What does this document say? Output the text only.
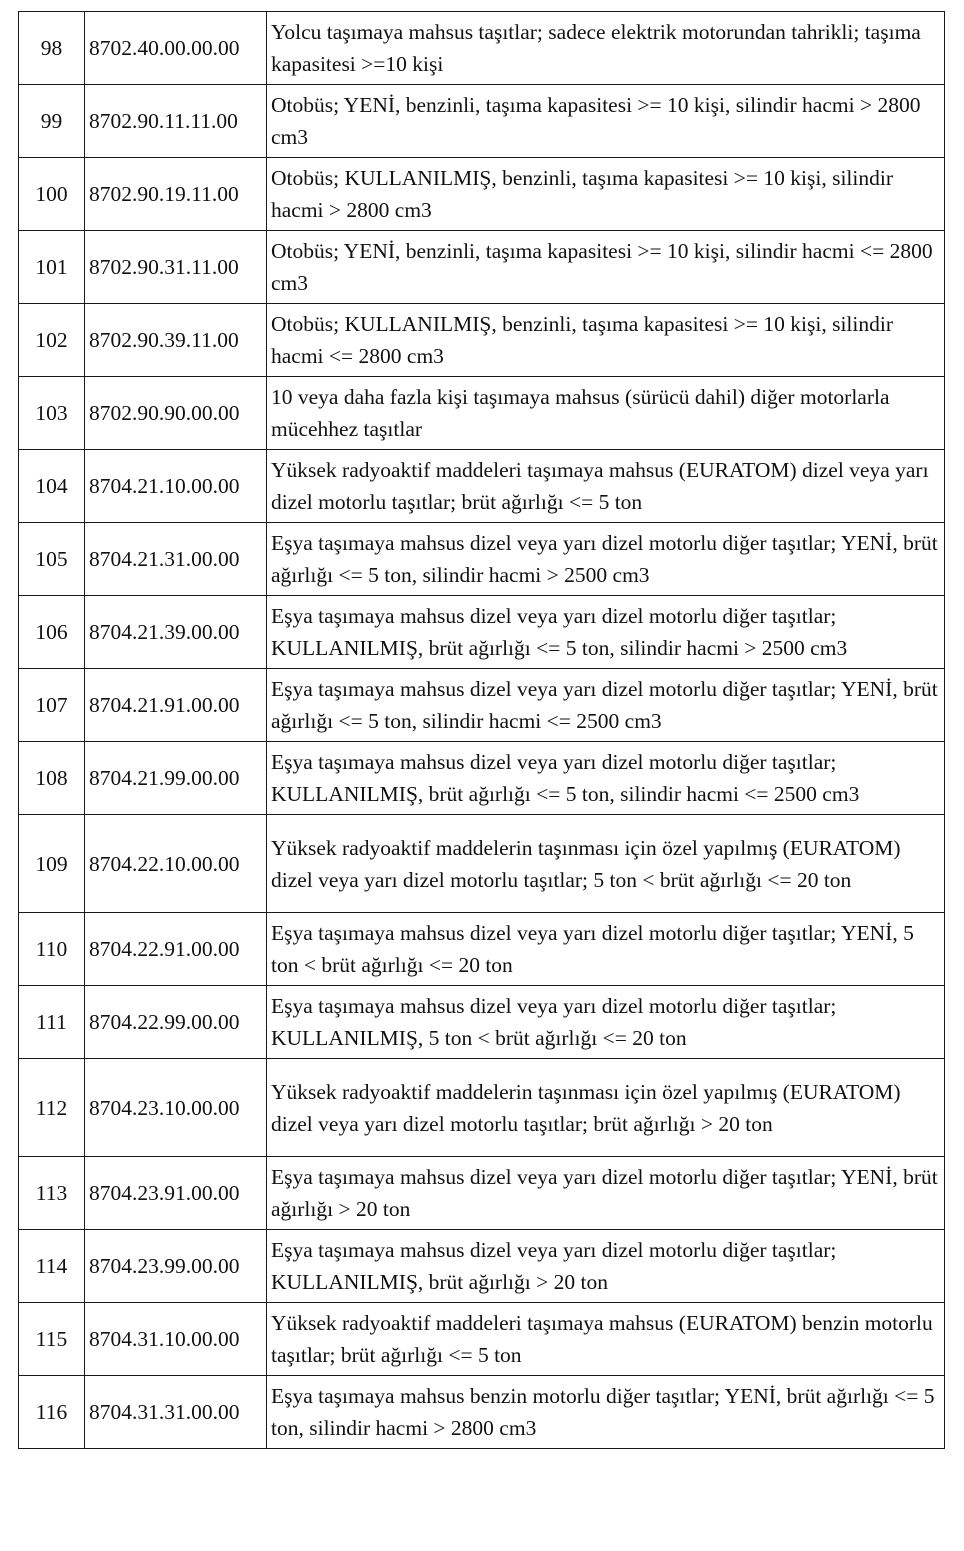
98	8702.40.00.00.00	Yolcu taşımaya mahsus taşıtlar; sadece elektrik motorundan tahrikli; taşıma kapasitesi >=10 kişi
99	8702.90.11.11.00	Otobüs; YENİ, benzinli, taşıma kapasitesi >= 10 kişi, silindir hacmi > 2800 cm3
100	8702.90.19.11.00	Otobüs; KULLANILMIŞ, benzinli, taşıma kapasitesi >= 10 kişi, silindir hacmi > 2800 cm3
101	8702.90.31.11.00	Otobüs; YENİ, benzinli, taşıma kapasitesi >= 10 kişi, silindir hacmi <= 2800 cm3
102	8702.90.39.11.00	Otobüs; KULLANILMIŞ, benzinli, taşıma kapasitesi >= 10 kişi, silindir hacmi <= 2800 cm3
103	8702.90.90.00.00	10 veya daha fazla kişi taşımaya mahsus (sürücü dahil) diğer motorlarla mücehhez taşıtlar
104	8704.21.10.00.00	Yüksek radyoaktif maddeleri taşımaya mahsus (EURATOM) dizel veya yarı dizel motorlu taşıtlar; brüt ağırlığı <= 5 ton
105	8704.21.31.00.00	Eşya taşımaya mahsus dizel veya yarı dizel motorlu diğer taşıtlar; YENİ, brüt ağırlığı <= 5 ton, silindir hacmi > 2500 cm3
106	8704.21.39.00.00	Eşya taşımaya mahsus dizel veya yarı dizel motorlu diğer taşıtlar; KULLANILMIŞ, brüt ağırlığı <= 5 ton, silindir hacmi > 2500 cm3
107	8704.21.91.00.00	Eşya taşımaya mahsus dizel veya yarı dizel motorlu diğer taşıtlar; YENİ, brüt ağırlığı <= 5 ton, silindir hacmi <= 2500 cm3
108	8704.21.99.00.00	Eşya taşımaya mahsus dizel veya yarı dizel motorlu diğer taşıtlar; KULLANILMIŞ, brüt ağırlığı <= 5 ton, silindir hacmi <= 2500 cm3
109	8704.22.10.00.00	Yüksek radyoaktif maddelerin taşınması için özel yapılmış (EURATOM) dizel veya yarı dizel motorlu taşıtlar; 5 ton < brüt ağırlığı <= 20 ton
110	8704.22.91.00.00	Eşya taşımaya mahsus dizel veya yarı dizel motorlu diğer taşıtlar; YENİ, 5 ton < brüt ağırlığı <= 20 ton
111	8704.22.99.00.00	Eşya taşımaya mahsus dizel veya yarı dizel motorlu diğer taşıtlar; KULLANILMIŞ, 5 ton < brüt ağırlığı <= 20 ton
112	8704.23.10.00.00	Yüksek radyoaktif maddelerin taşınması için özel yapılmış (EURATOM) dizel veya yarı dizel motorlu taşıtlar; brüt ağırlığı > 20 ton
113	8704.23.91.00.00	Eşya taşımaya mahsus dizel veya yarı dizel motorlu diğer taşıtlar; YENİ, brüt ağırlığı > 20 ton
114	8704.23.99.00.00	Eşya taşımaya mahsus dizel veya yarı dizel motorlu diğer taşıtlar; KULLANILMIŞ, brüt ağırlığı > 20 ton
115	8704.31.10.00.00	Yüksek radyoaktif maddeleri taşımaya mahsus (EURATOM) benzin motorlu taşıtlar; brüt ağırlığı <= 5 ton
116	8704.31.31.00.00	Eşya taşımaya mahsus benzin motorlu diğer taşıtlar; YENİ, brüt ağırlığı <= 5 ton, silindir hacmi > 2800 cm3
